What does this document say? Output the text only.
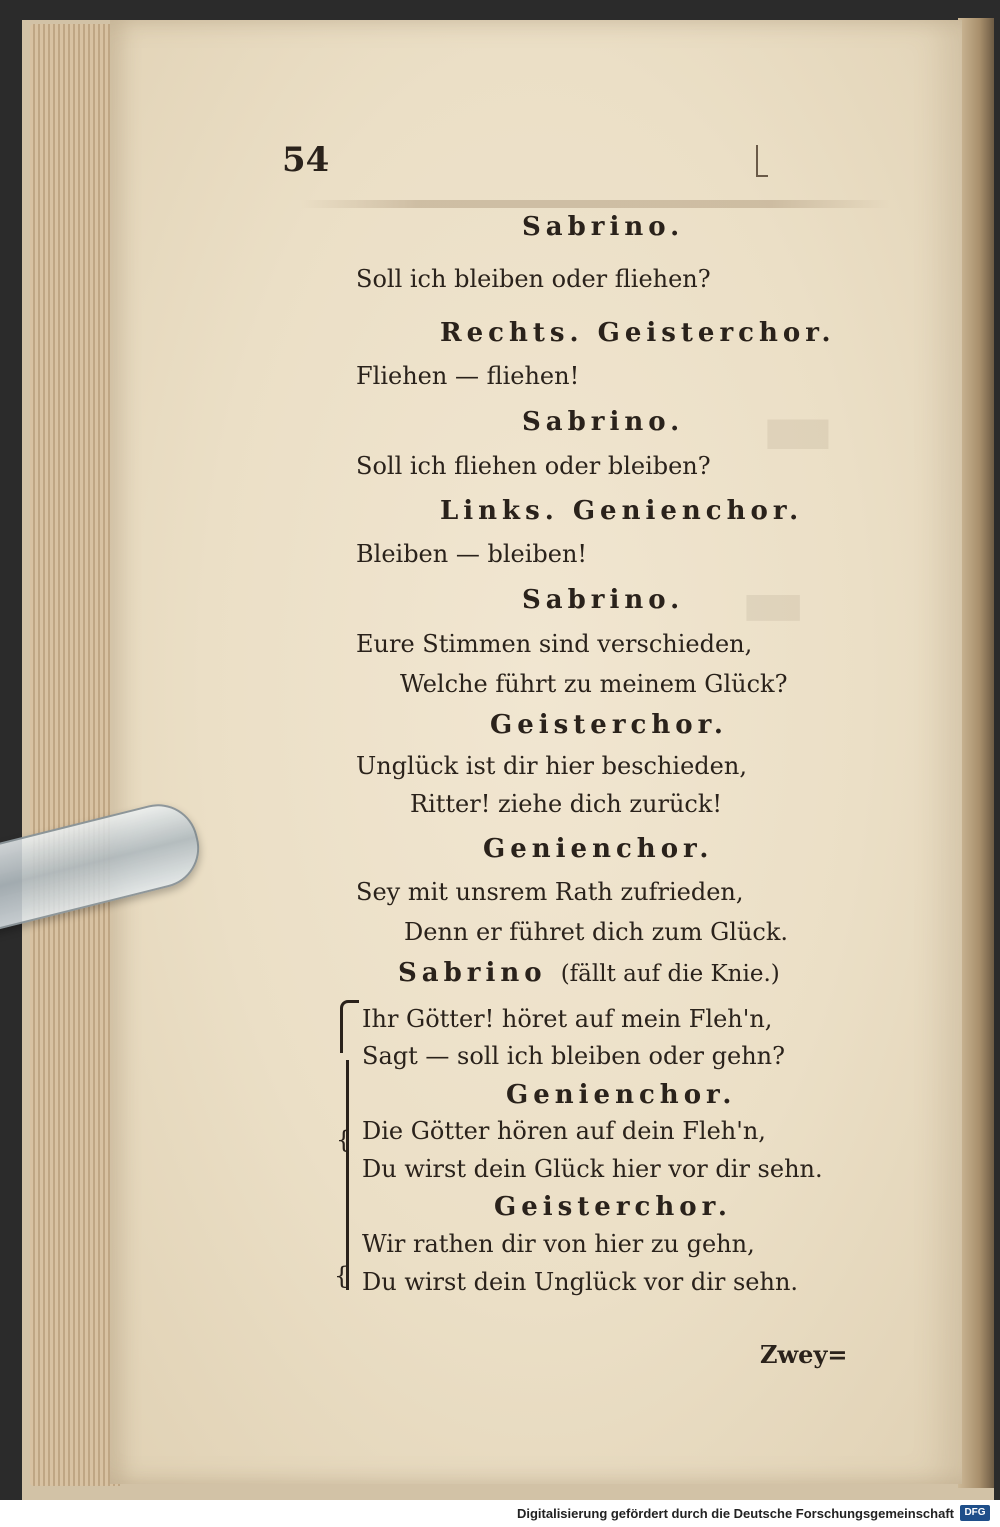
▬
▬
54
Sabrino.
Soll ich bleiben oder fliehen?
Rechts. Geisterchor.
Fliehen — fliehen!
Sabrino.
Soll ich fliehen oder bleiben?
Links. Genienchor.
Bleiben — bleiben!
Sabrino.
Eure Stimmen sind verschieden,
Welche führt zu meinem Glück?
Geisterchor.
Unglück ist dir hier beschieden,
Ritter! ziehe dich zurück!
Genienchor.
Sey mit unsrem Rath zufrieden,
Denn er führet dich zum Glück.
Sabrino (fällt auf die Knie.)
Ihr Götter! höret auf mein Fleh'n,
Sagt — soll ich bleiben oder gehn?
Genienchor.
Die Götter hören auf dein Fleh'n,
Du wirst dein Glück hier vor dir sehn.
Geisterchor.
Wir rathen dir von hier zu gehn,
Du wirst dein Unglück vor dir sehn.
{
{
Zwey=
Digitalisierung gefördert durch die Deutsche Forschungsgemeinschaft	DFG
